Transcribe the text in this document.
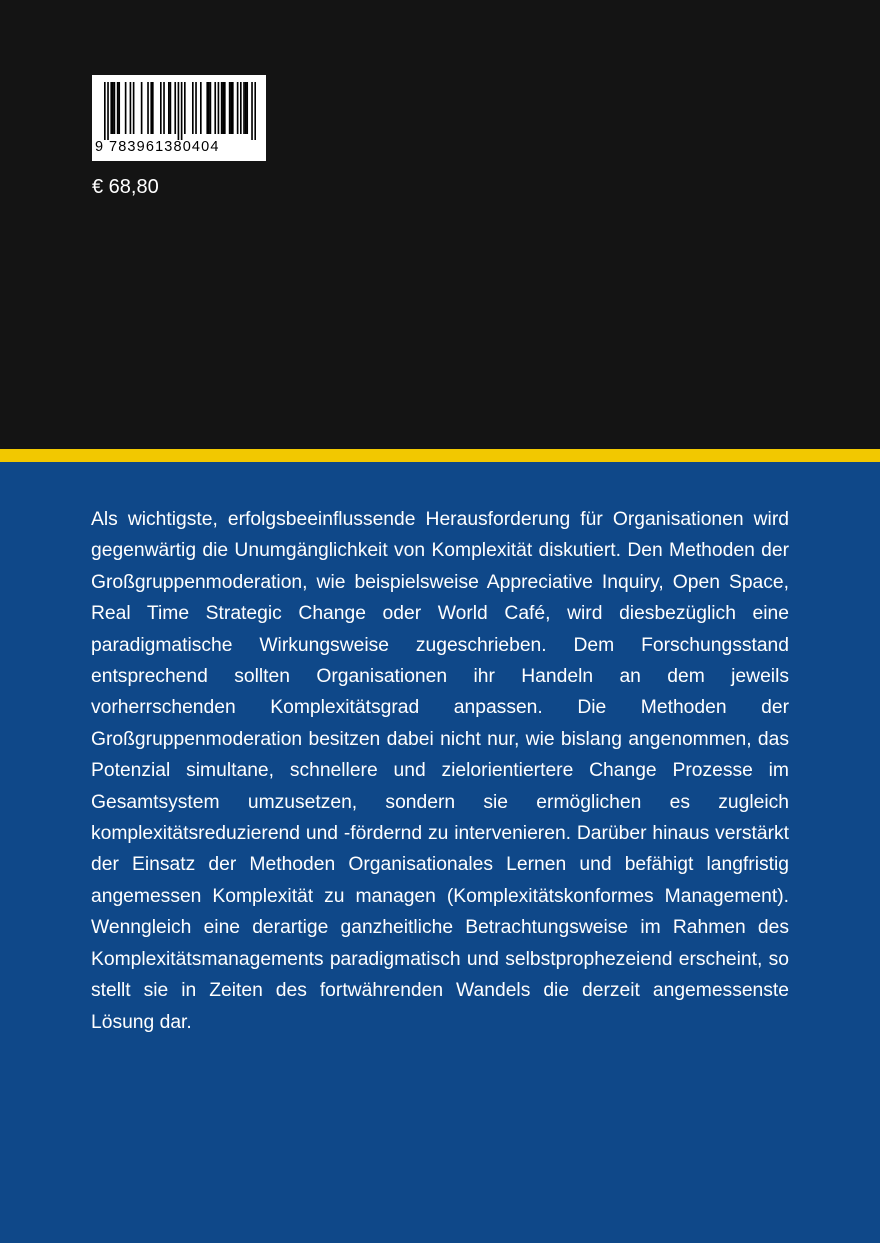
9 783961380404
€ 68,80

Als wichtigste, erfolgsbeeinflussende Herausforderung für Organisationen wird gegenwärtig die Unumgänglichkeit von Komplexität diskutiert. Den Methoden der Großgruppenmoderation, wie beispielsweise Appreciative Inquiry, Open Space, Real Time Strategic Change oder World Café, wird diesbezüglich eine paradigmatische Wirkungsweise zugeschrieben. Dem Forschungsstand entsprechend sollten Organisationen ihr Handeln an dem jeweils vorherrschenden Komplexitätsgrad anpassen. Die Methoden der Großgruppenmoderation besitzen dabei nicht nur, wie bislang angenommen, das Potenzial simultane, schnellere und zielorientiertere Change Prozesse im Gesamtsystem umzusetzen, sondern sie ermöglichen es zugleich komplexitätsreduzierend und -fördernd zu intervenieren. Darüber hinaus verstärkt der Einsatz der Methoden Organisationales Lernen und befähigt langfristig angemessen Komplexität zu managen (Komplexitätskonformes Management). Wenngleich eine derartige ganzheitliche Betrachtungsweise im Rahmen des Komplexitätsmanagements paradigmatisch und selbstprophezeiend erscheint, so stellt sie in Zeiten des fortwährenden Wandels die derzeit angemessenste Lösung dar.
